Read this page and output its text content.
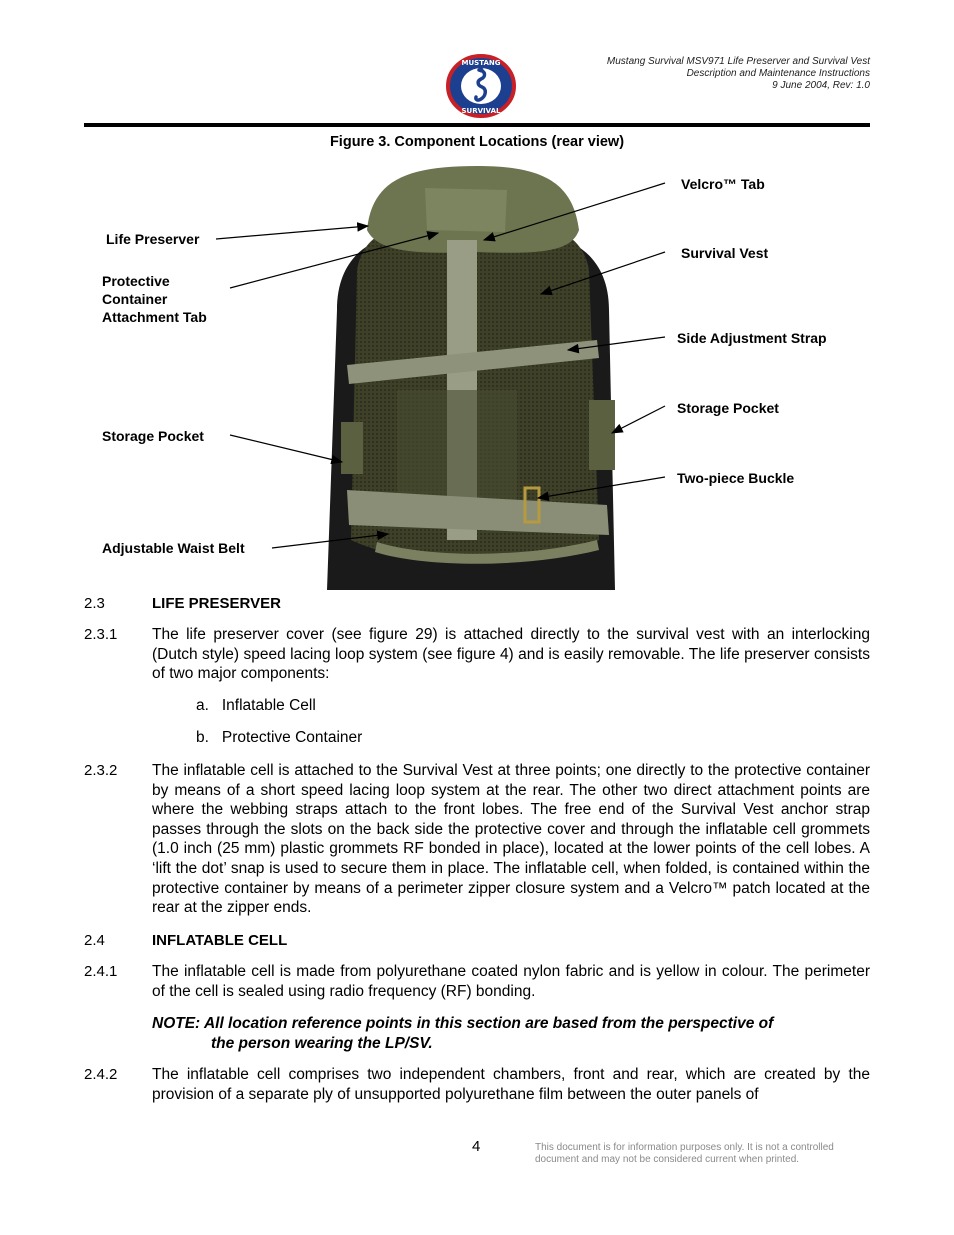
MUSTANG
SURVIVAL
Mustang Survival MSV971 Life Preserver and Survival Vest
Description and Maintenance Instructions
9 June 2004, Rev: 1.0
Figure 3. Component Locations (rear view)
Life Preserver
Protective
Container
Attachment Tab
Storage Pocket
Adjustable Waist Belt
Velcro™ Tab
Survival Vest
Side Adjustment Strap
Storage Pocket
Two-piece Buckle
2.3	LIFE PRESERVER
2.3.1 The life preserver cover (see figure 29) is attached directly to the survival vest with an interlocking (Dutch style) speed lacing loop system (see figure 4) and is easily removable. The life preserver consists of two major components:
a. Inflatable Cell
b. Protective Container
2.3.2 The inflatable cell is attached to the Survival Vest at three points; one directly to the protective container by means of a short speed lacing loop system at the rear. The other two direct attachment points are where the webbing straps attach to the front lobes. The free end of the Survival Vest anchor strap passes through the slots on the back side the protective cover and through the inflatable cell grommets (1.0 inch (25 mm) plastic grommets RF bonded in place), located at the lower points of the cell lobes. A ‘lift the dot’ snap is used to secure them in place. The inflatable cell, when folded, is contained within the protective container by means of a perimeter zipper closure system and a Velcro™ patch located at the rear at the zipper ends.
2.4	INFLATABLE CELL
2.4.1 The inflatable cell is made from polyurethane coated nylon fabric and is yellow in colour. The perimeter of the cell is sealed using radio frequency (RF) bonding.
NOTE: All location reference points in this section are based from the perspective of
the person wearing the LP/SV.
2.4.2 The inflatable cell comprises two independent chambers, front and rear, which are created by the provision of a separate ply of unsupported polyurethane film between the outer panels of
4	This document is for information purposes only. It is not a controlled
document and may not be considered current when printed.
